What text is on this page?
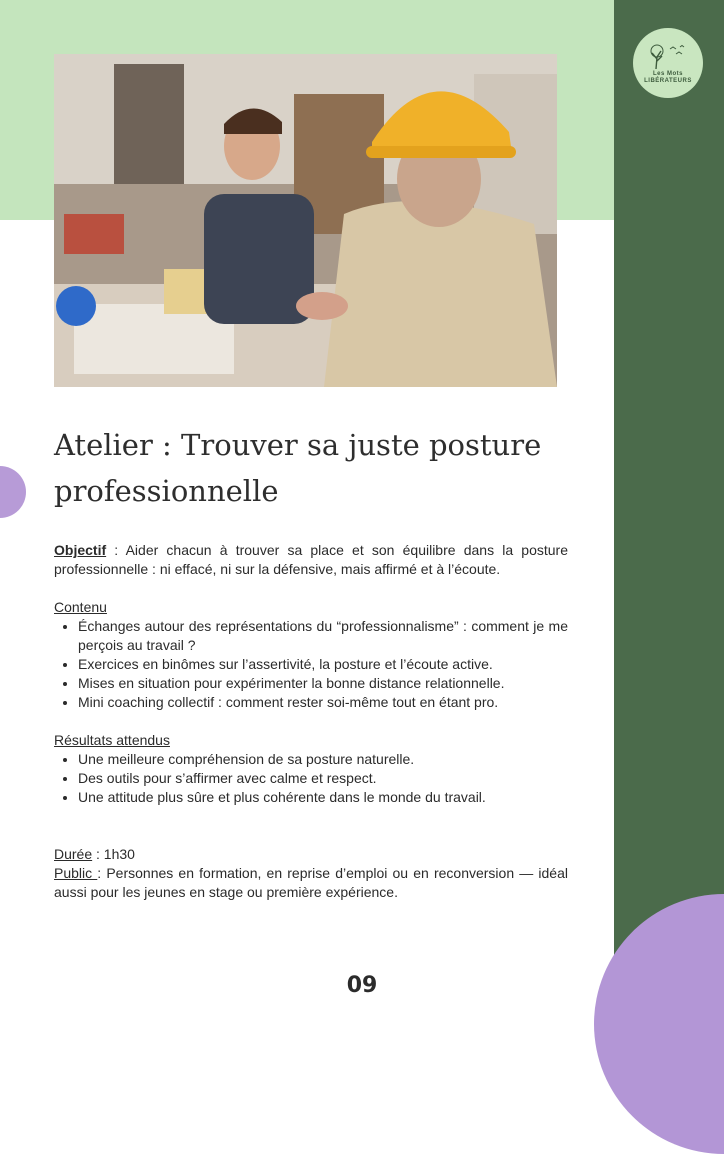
Les Mots LIBÉRATEURS
Atelier : Trouver sa juste posture professionnelle

Objectif : Aider chacun à trouver sa place et son équilibre dans la posture professionnelle : ni effacé, ni sur la défensive, mais affirmé et à l’écoute.

Contenu
• Échanges autour des représentations du “professionnalisme” : comment je me perçois au travail ?
• Exercices en binômes sur l’assertivité, la posture et l’écoute active.
• Mises en situation pour expérimenter la bonne distance relationnelle.
• Mini coaching collectif : comment rester soi-même tout en étant pro.
Résultats attendus
• Une meilleure compréhension de sa posture naturelle.
• Des outils pour s’affirmer avec calme et respect.
• Une attitude plus sûre et plus cohérente dans le monde du travail.

Durée : 1h30

Public : Personnes en formation, en reprise d’emploi ou en reconversion — idéal aussi pour les jeunes en stage ou première expérience.

09
